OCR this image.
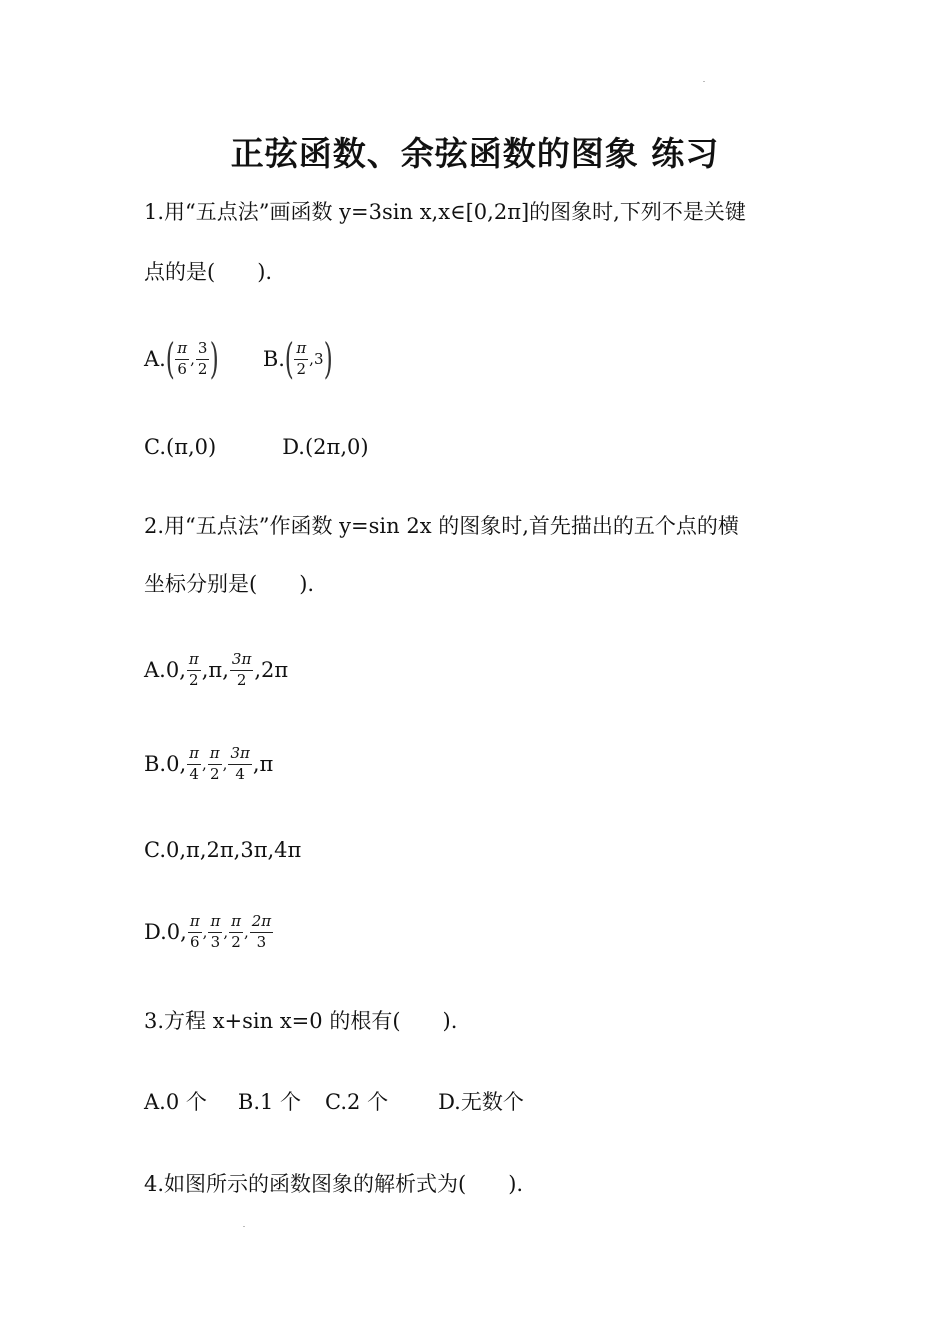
正弦函数、余弦函数的图象 练习
1.用“五点法”画函数 y=3sin x,x∈[0,2π]的图象时,下列不是关键
点的是(　　).
A. ( $\frac{\pi}{6}$ , $\frac{3}{2}$ ) B. ( $\frac{\pi}{2}$ , 3 )
C.(π,0)	D.(2π,0)
2.用“五点法”作函数 y=sin 2x 的图象时,首先描出的五个点的横
坐标分别是(　　).
A.0, $\frac{\pi}{2} ,\pi$, $\frac{3\pi}{2} ,2\pi$
B.0, $\frac{\pi}{4}$ , $\frac{\pi}{2}$ , $\frac{3\pi}{4} ,\pi$
C.0,π,2π,3π,4π
D.0, $\frac{\pi}{6}$ , $\frac{\pi}{3}$ , $\frac{\pi}{2}$ , $\frac{2\pi}{3}$
3.方程 x+sin x=0 的根有(　　).
A.0 个 B.1 个 C.2 个 D.无数个
4.如图所示的函数图象的解析式为(　　).
